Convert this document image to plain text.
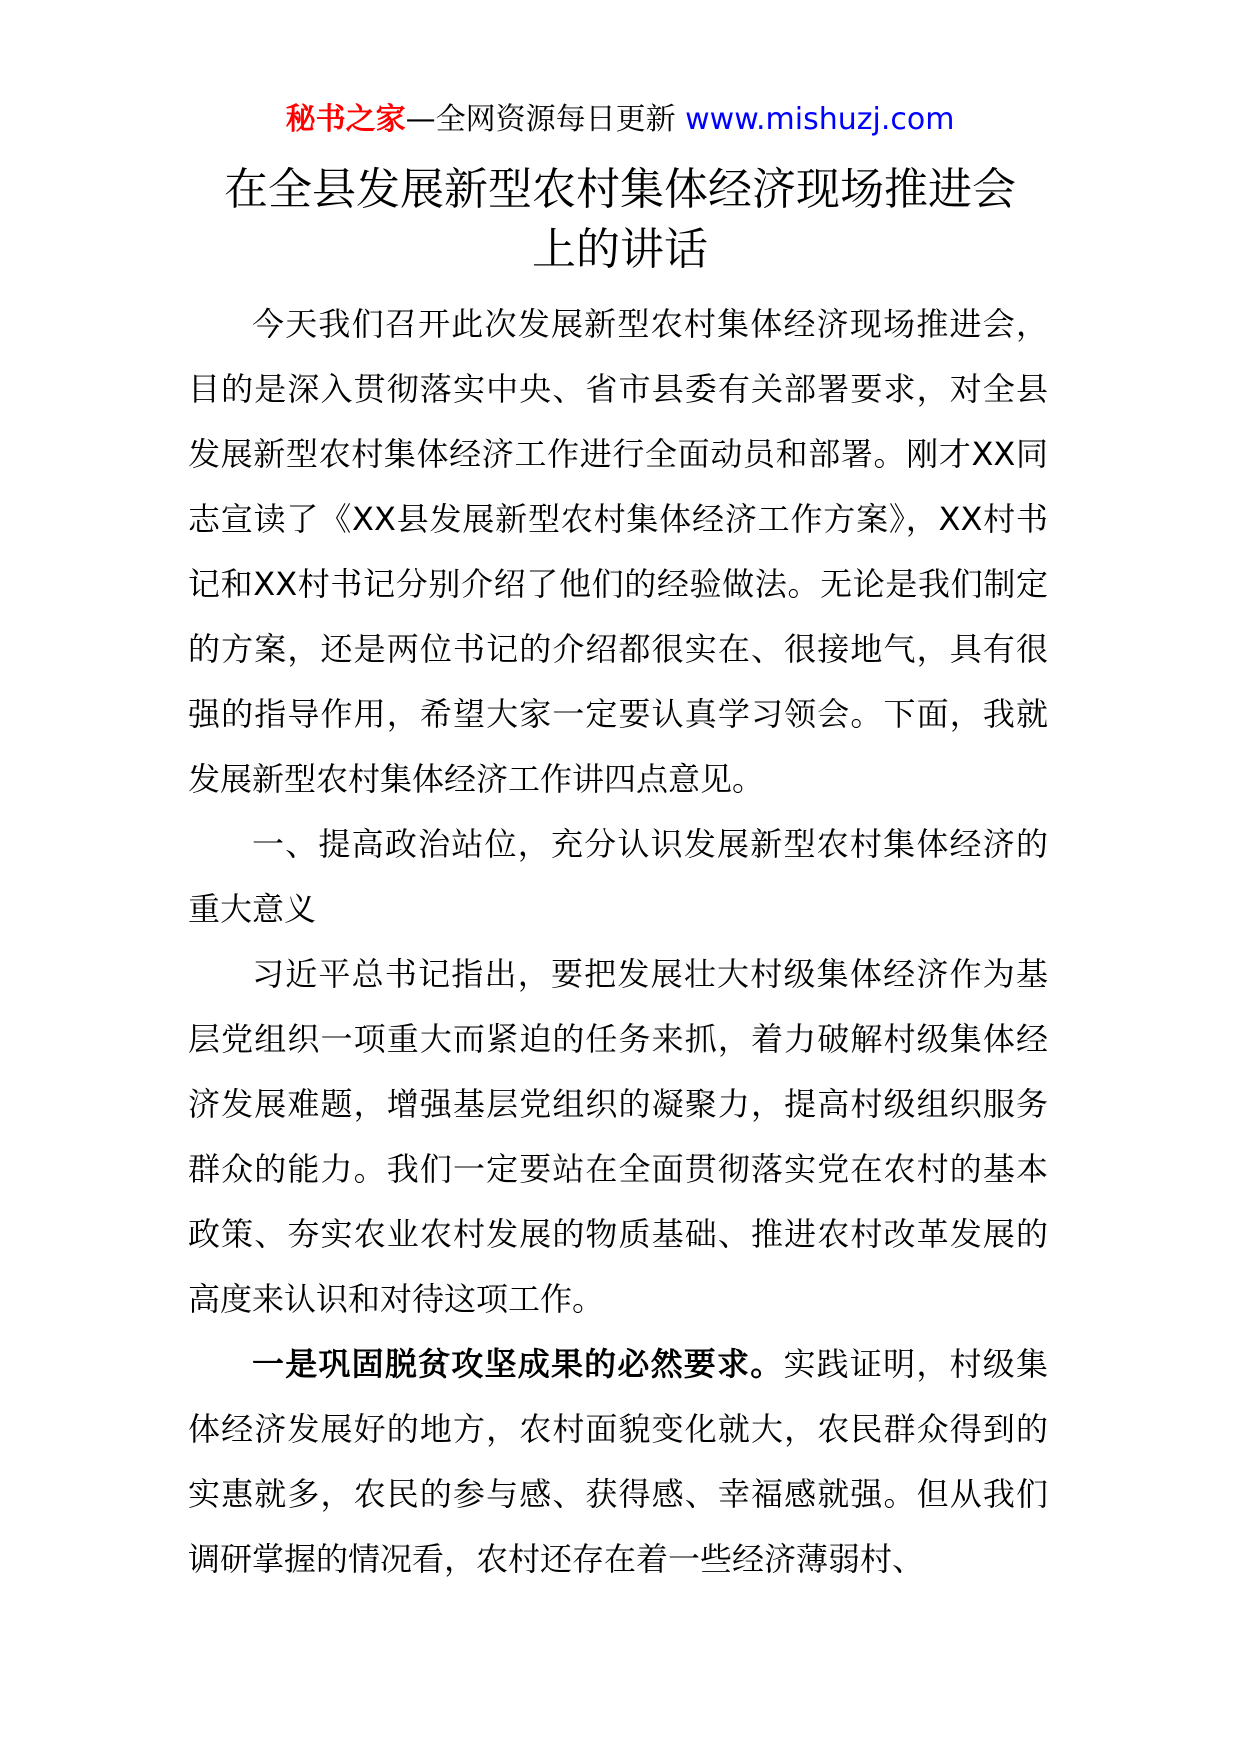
秘书之家—全网资源每日更新 www.mishuzj.com
在全县发展新型农村集体经济现场推进会
上的讲话

今天我们召开此次发展新型农村集体经济现场推进会，目的是深入贯彻落实中央、省市县委有关部署要求，对全县发展新型农村集体经济工作进行全面动员和部署。刚才XX同志宣读了《XX县发展新型农村集体经济工作方案》，XX村书记和XX村书记分别介绍了他们的经验做法。无论是我们制定的方案，还是两位书记的介绍都很实在、很接地气，具有很强的指导作用，希望大家一定要认真学习领会。下面，我就发展新型农村集体经济工作讲四点意见。

一、提高政治站位，充分认识发展新型农村集体经济的重大意义

习近平总书记指出，要把发展壮大村级集体经济作为基层党组织一项重大而紧迫的任务来抓，着力破解村级集体经济发展难题，增强基层党组织的凝聚力，提高村级组织服务群众的能力。我们一定要站在全面贯彻落实党在农村的基本政策、夯实农业农村发展的物质基础、推进农村改革发展的高度来认识和对待这项工作。

一是巩固脱贫攻坚成果的必然要求。实践证明，村级集体经济发展好的地方，农村面貌变化就大，农民群众得到的实惠就多，农民的参与感、获得感、幸福感就强。但从我们调研掌握的情况看，农村还存在着一些经济薄弱村、
